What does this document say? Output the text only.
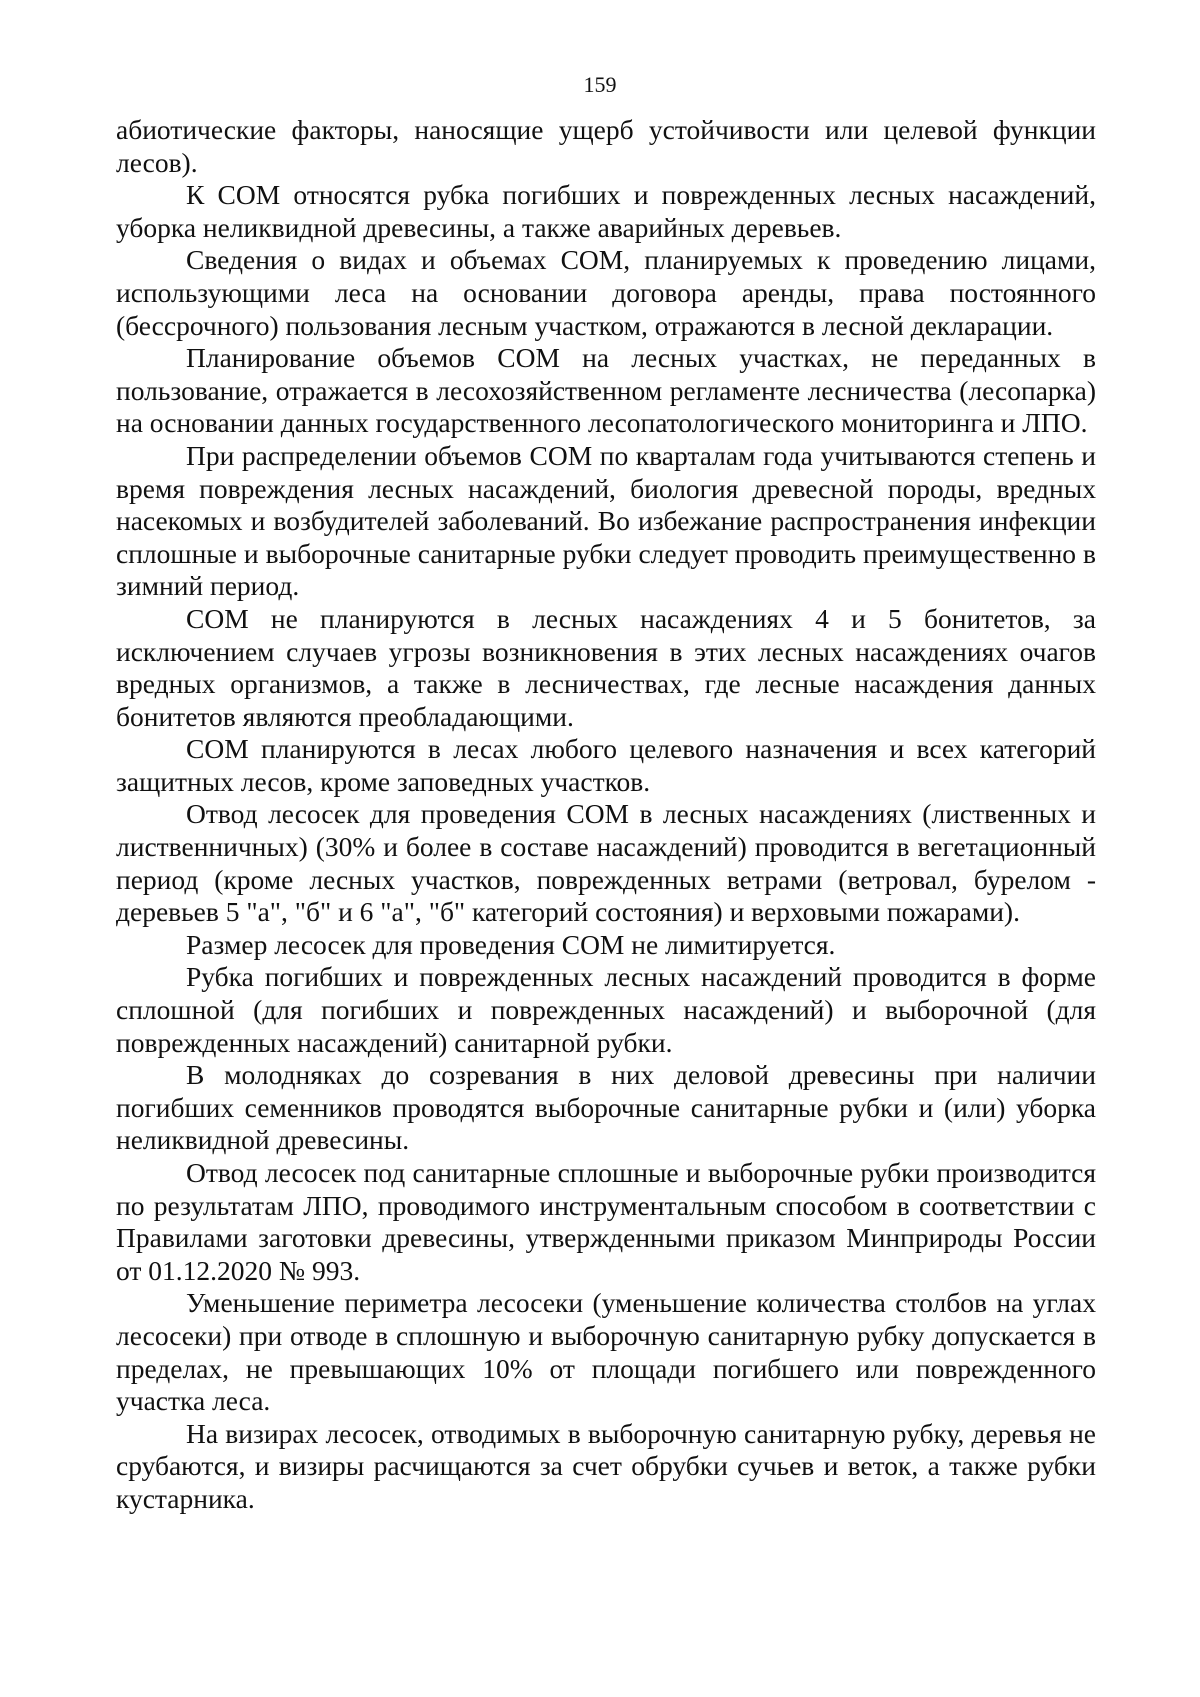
159

абиотические факторы, наносящие ущерб устойчивости или целевой функции лесов).

К СОМ относятся рубка погибших и поврежденных лесных насаждений, уборка неликвидной древесины, а также аварийных деревьев.

Сведения о видах и объемах СОМ, планируемых к проведению лицами, использующими леса на основании договора аренды, права постоянного (бессрочного) пользования лесным участком, отражаются в лесной декларации.

Планирование объемов СОМ на лесных участках, не переданных в пользование, отражается в лесохозяйственном регламенте лесничества (лесопарка) на основании данных государственного лесопатологического мониторинга и ЛПО.

При распределении объемов СОМ по кварталам года учитываются степень и время повреждения лесных насаждений, биология древесной породы, вредных насекомых и возбудителей заболеваний. Во избежание распространения инфекции сплошные и выборочные санитарные рубки следует проводить преимущественно в зимний период.

СОМ не планируются в лесных насаждениях 4 и 5 бонитетов, за исключением случаев угрозы возникновения в этих лесных насаждениях очагов вредных организмов, а также в лесничествах, где лесные насаждения данных бонитетов являются преобладающими.

СОМ планируются в лесах любого целевого назначения и всех категорий защитных лесов, кроме заповедных участков.

Отвод лесосек для проведения СОМ в лесных насаждениях (лиственных и лиственничных) (30% и более в составе насаждений) проводится в вегетационный период (кроме лесных участков, поврежденных ветрами (ветровал, бурелом - деревьев 5 "а", "б" и 6 "а", "б" категорий состояния) и верховыми пожарами).

Размер лесосек для проведения СОМ не лимитируется.

Рубка погибших и поврежденных лесных насаждений проводится в форме сплошной (для погибших и поврежденных насаждений) и выборочной (для поврежденных насаждений) санитарной рубки.

В молодняках до созревания в них деловой древесины при наличии погибших семенников проводятся выборочные санитарные рубки и (или) уборка неликвидной древесины.

Отвод лесосек под санитарные сплошные и выборочные рубки производится по результатам ЛПО, проводимого инструментальным способом в соответствии с Правилами заготовки древесины, утвержденными приказом Минприроды России от 01.12.2020 № 993.

Уменьшение периметра лесосеки (уменьшение количества столбов на углах лесосеки) при отводе в сплошную и выборочную санитарную рубку допускается в пределах, не превышающих 10% от площади погибшего или поврежденного участка леса.

На визирах лесосек, отводимых в выборочную санитарную рубку, деревья не срубаются, и визиры расчищаются за счет обрубки сучьев и веток, а также рубки кустарника.
